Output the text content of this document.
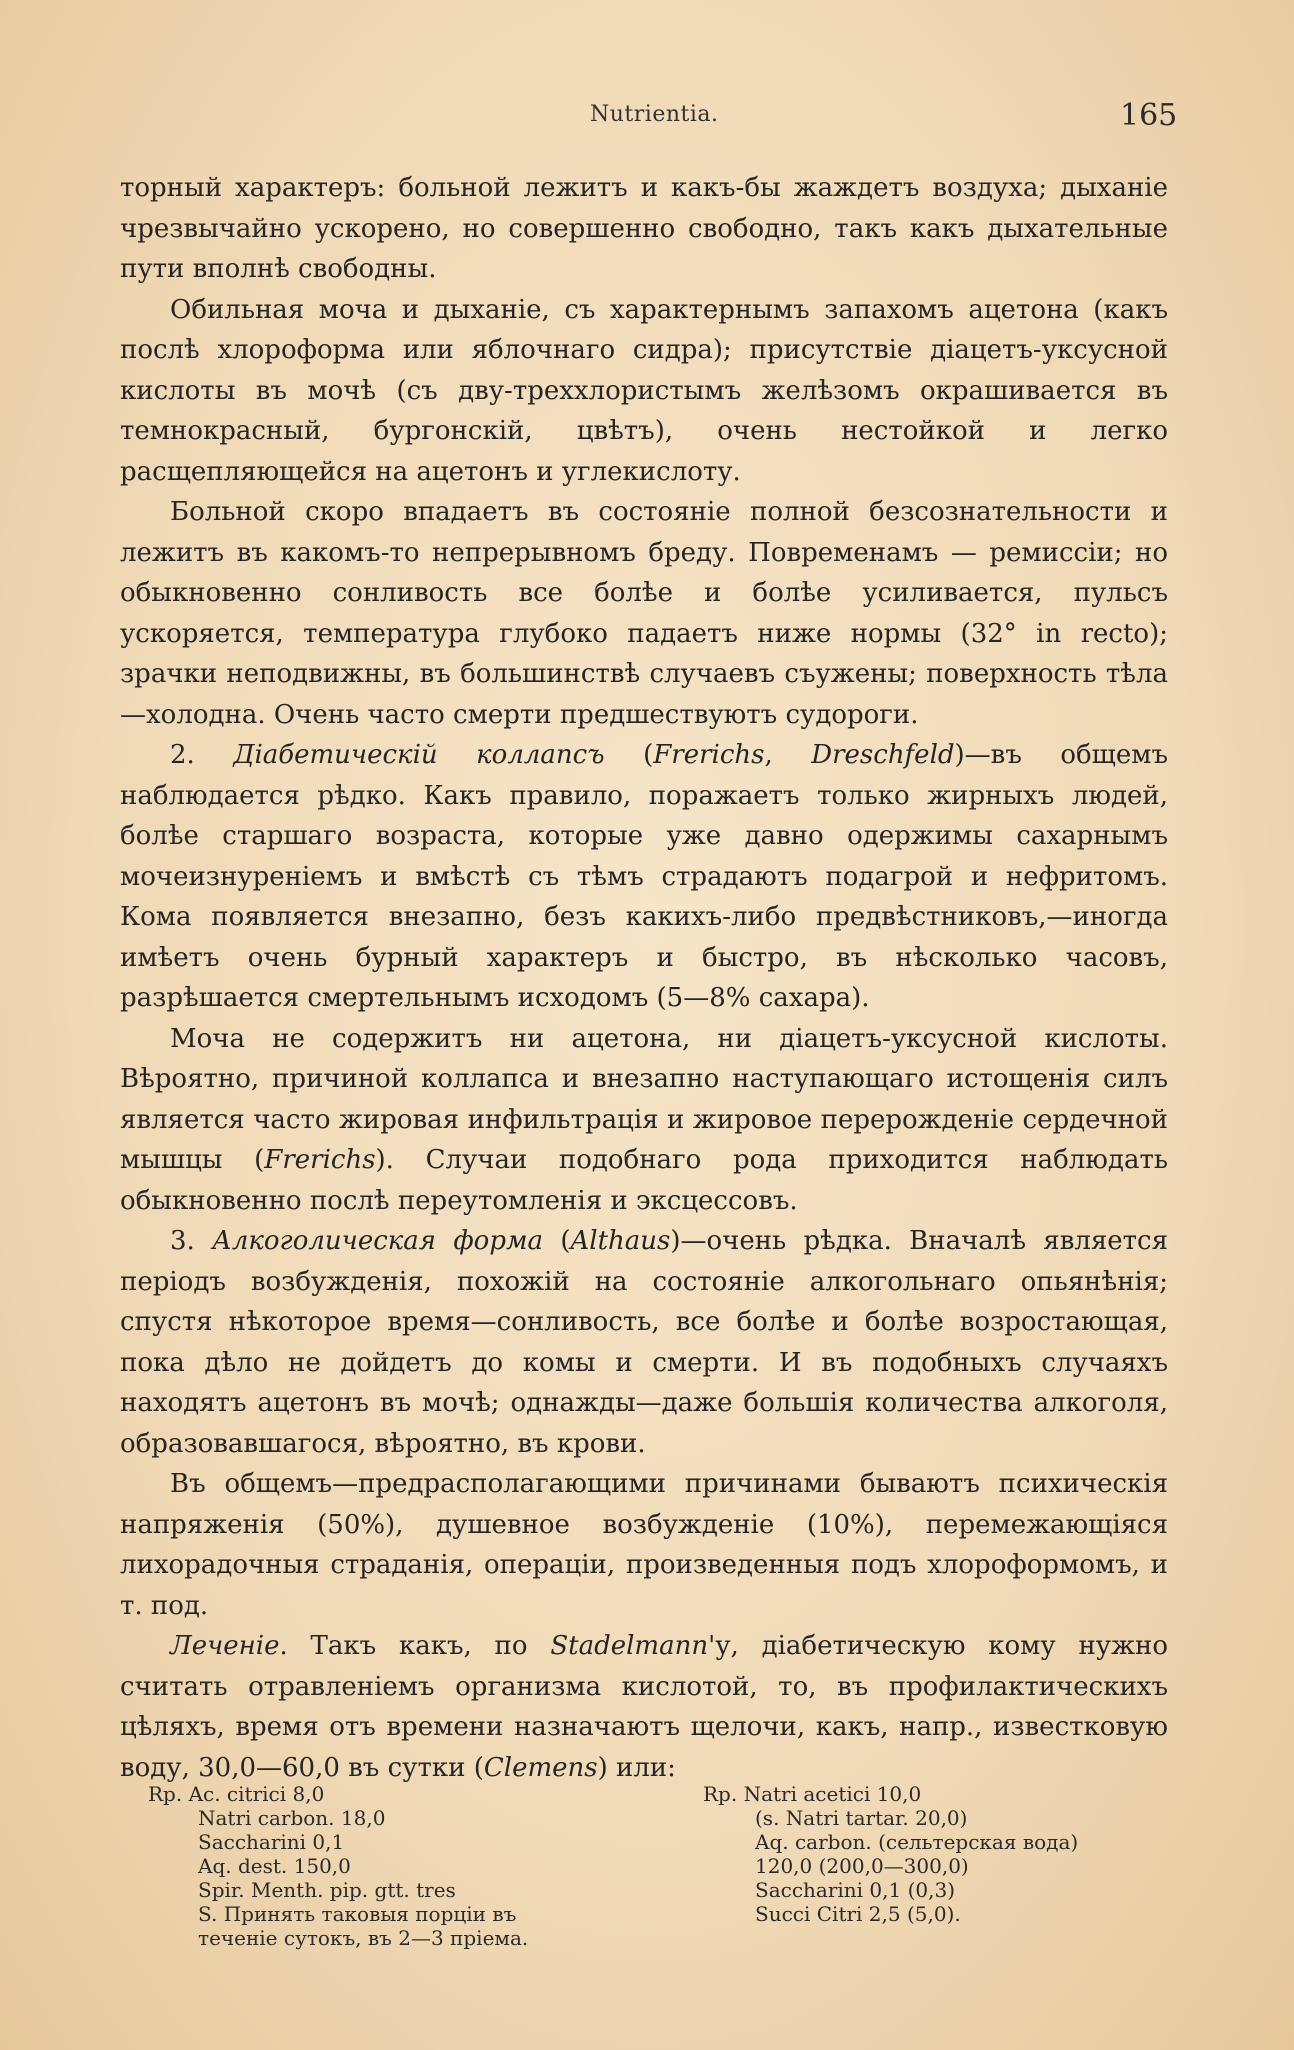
Nutrientia.	165

торный характеръ: больной лежитъ и какъ-бы жаждетъ воздуха; дыханіе чрезвычайно ускорено, но совершенно свободно, такъ какъ дыхательные пути вполнѣ свободны.

Обильная моча и дыханіе, съ характернымъ запахомъ ацетона (какъ послѣ хлороформа или яблочнаго сидра); присутствіе діацетъ-уксусной кислоты въ мочѣ (съ дву-трехxлористымъ желѣзомъ окрашивается въ темнокрасный, бургонскій, цвѣтъ), очень нестойкой и легко расщепляющейся на ацетонъ и углекислоту.

Больной скоро впадаетъ въ состояніе полной безсознательности и лежитъ въ какомъ-то непрерывномъ бреду. Повременамъ — ремиссіи; но обыкновенно сонливость все болѣе и болѣе усиливается, пульсъ ускоряется, температура глубоко падаетъ ниже нормы (32° in recto); зрачки неподвижны, въ большинствѣ случаевъ съужены; поверхность тѣла—холодна. Очень часто смерти предшествуютъ судороги.

2. Діабетическій коллапсъ (Frerichs, Dreschfeld)—въ общемъ наблюдается рѣдко. Какъ правило, поражаетъ только жирныхъ людей, болѣе старшаго возраста, которые уже давно одержимы сахарнымъ мочеизнуреніемъ и вмѣстѣ съ тѣмъ страдаютъ подагрой и нефритомъ. Кома появляется внезапно, безъ какихъ-либо предвѣстниковъ,—иногда имѣетъ очень бурный характеръ и быстро, въ нѣсколько часовъ, разрѣшается смертельнымъ исходомъ (5—8% сахара).

Моча не содержитъ ни ацетона, ни діацетъ-уксусной кислоты. Вѣроятно, причиной коллапса и внезапно наступающаго истощенія силъ является часто жировая инфильтрація и жировое перерожденіе сердечной мышцы (Frerichs). Случаи подобнаго рода приходится наблюдать обыкновенно послѣ переутомленія и эксцессовъ.

3. Алкоголическая форма (Althaus)—очень рѣдка. Вначалѣ является періодъ возбужденія, похожій на состояніе алкогольнаго опьянѣнія; спустя нѣкоторое время—сонливость, все болѣе и болѣе возростающая, пока дѣло не дойдетъ до комы и смерти. И въ подобныхъ случаяхъ находятъ ацетонъ въ мочѣ; однажды—даже большія количества алкоголя, образовавшагося, вѣроятно, въ крови.

Въ общемъ—предрасполагающими причинами бываютъ психическія напряженія (50%), душевное возбужденіе (10%), перемежающіяся лихорадочныя страданія, операціи, произведенныя подъ хлороформомъ, и т. под.

Леченіе. Такъ какъ, по Stadelmann'у, діабетическую кому нужно считать отравленіемъ организма кислотой, то, въ профилактическихъ цѣляхъ, время отъ времени назначаютъ щелочи, какъ, напр., известковую воду, 30,0—60,0 въ сутки (Clemens) или:

Rp. Ac. citrici 8,0
Natri carbon. 18,0
Saccharini 0,1
Aq. dest. 150,0
Spir. Menth. pip. gtt. tres
S. Принять таковыя порціи въ
теченіе сутокъ, въ 2—3 пріема.
Rp. Natri acetici 10,0
(s. Natri tartar. 20,0)
Aq. carbon. (сельтерская вода)
120,0 (200,0—300,0)
Saccharini 0,1 (0,3)
Succi Citri 2,5 (5,0).
